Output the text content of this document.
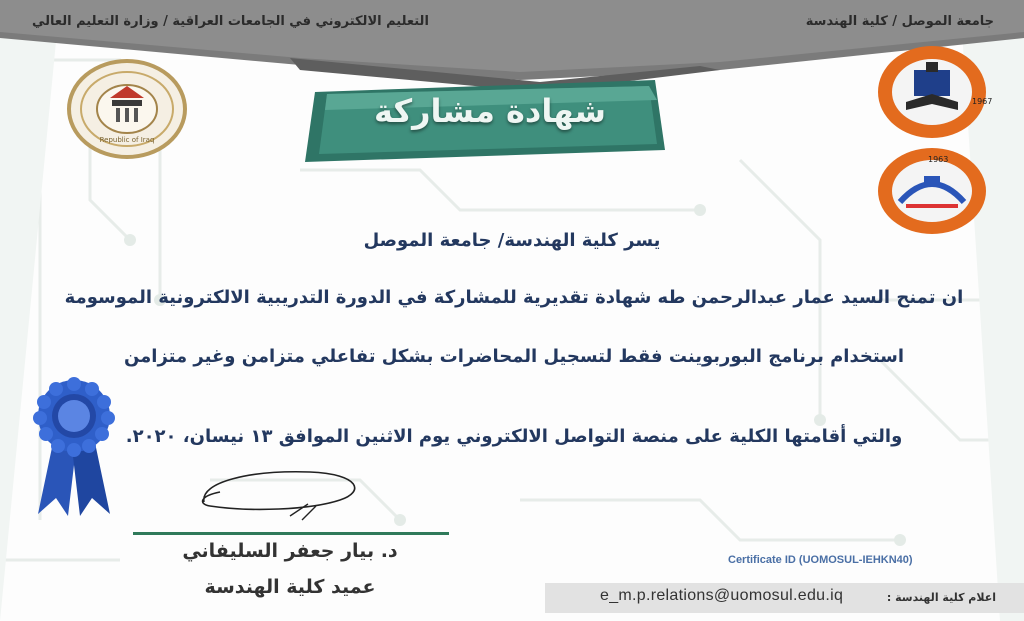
التعليم الالكتروني في الجامعات العراقية / وزارة التعليم العالي	جامعة الموصل / كلية الهندسة
شهادة مشاركة
Republic of Iraq
1967
1963
يسر كلية الهندسة/ جامعة الموصل
ان تمنح السيد عمار عبدالرحمن طه شهادة تقديرية للمشاركة في الدورة التدريبية الالكترونية الموسومة
استخدام برنامج البوربوينت فقط لتسجيل المحاضرات بشكل تفاعلي متزامن وغير متزامن
والتي أقامتها الكلية على منصة التواصل الالكتروني يوم الاثنين الموافق ١٣ نيسان، ٢٠٢٠.
د. بيار جعفر السليفاني
عميد كلية الهندسة
Certificate ID (UOMOSUL-IEHKN40)
اعلام كلية الهندسة :
e_m.p.relations@uomosul.edu.iq
